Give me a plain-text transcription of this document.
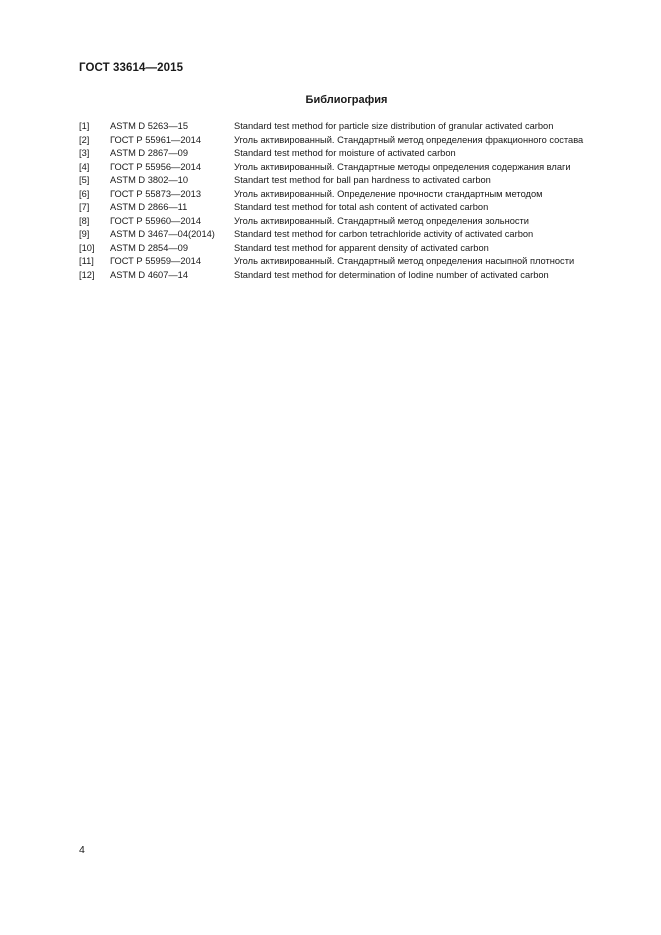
ГОСТ 33614—2015
Библиография
[1]	ASTM D 5263—15	Standard test method for particle size distribution of granular activated carbon
[2]	ГОСТ Р 55961—2014	Уголь активированный. Стандартный метод определения фракционного состава
[3]	ASTM D 2867—09	Standard test method for moisture of activated carbon
[4]	ГОСТ Р 55956—2014	Уголь активированный. Стандартные методы определения содержания влаги
[5]	ASTM D 3802—10	Standart test method for ball pan hardness to activated carbon
[6]	ГОСТ Р 55873—2013	Уголь активированный. Определение прочности стандартным методом
[7]	ASTM D 2866—11	Standard test method for total ash content of activated carbon
[8]	ГОСТ Р 55960—2014	Уголь активированный. Стандартный метод определения зольности
[9]	ASTM D 3467—04(2014)	Standard test method for carbon tetrachloride activity of activated carbon
[10]	ASTM D 2854—09	Standard test method for apparent density of activated carbon
[11]	ГОСТ Р 55959—2014	Уголь активированный. Стандартный метод определения насыпной плотности
[12]	ASTM D 4607—14	Standard test method for determination of Iodine number of activated carbon
4
